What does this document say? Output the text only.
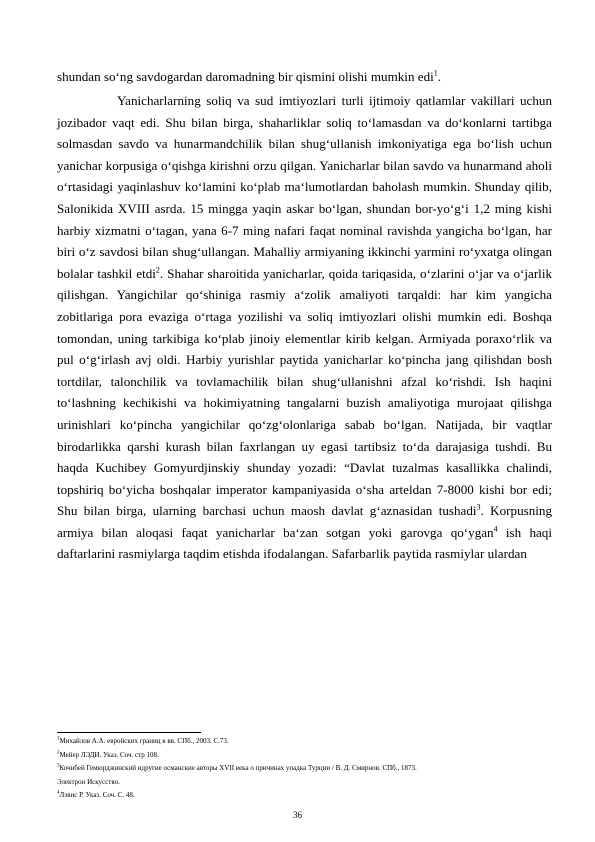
shundan soʻng savdogardan daromadning bir qismini olishi mumkin edi$^1$.
Yanicharlarning soliq va sud imtiyozlari turli ijtimoiy qatlamlar vakillari uchun jozibador vaqt edi. Shu bilan birga, shaharliklar soliq toʻlamasdan va doʻkonlarni tartibga solmasdan savdo va hunarmandchilik bilan shugʻullanish imkoniyatiga ega boʻlish uchun yanichar korpusiga oʻqishga kirishni orzu qilgan. Yanicharlar bilan savdo va hunarmand aholi oʻrtasidagi yaqinlashuv koʻlamini koʻplab maʻlumotlardan baholash mumkin. Shunday qilib, Salonikida XVIII asrda. 15 mingga yaqin askar boʻlgan, shundan bor-yoʻgʻi 1,2 ming kishi harbiy xizmatni oʻtagan, yana 6-7 ming nafari faqat nominal ravishda yangicha boʻlgan, har biri oʻz savdosi bilan shugʻullangan. Mahalliy armiyaning ikkinchi yarmini roʻyxatga olingan bolalar tashkil etdi$^2$. Shahar sharoitida yanicharlar, qoida tariqasida, oʻzlarini oʻjar va oʻjarlik qilishgan. Yangichilar qoʻshiniga rasmiy aʻzolik amaliyoti tarqaldi: har kim yangicha zobitlariga pora evaziga oʻrtaga yozilishi va soliq imtiyozlari olishi mumkin edi. Boshqa tomondan, uning tarkibiga koʻplab jinoiy elementlar kirib kelgan. Armiyada poraxoʻrlik va pul oʻgʻirlash avj oldi. Harbiy yurishlar paytida yanicharlar koʻpincha jang qilishdan bosh tortdilar, talonchilik va tovlamachilik bilan shugʻullanishni afzal koʻrishdi. Ish haqini toʻlashning kechikishi va hokimiyatning tangalarni buzish amaliyotiga murojaat qilishga urinishlari koʻpincha yangichilar qoʻzgʻolonlariga sabab boʻlgan. Natijada, bir vaqtlar birodarlikka qarshi kurash bilan faxrlangan uy egasi tartibsiz toʻda darajasiga tushdi. Bu haqda Kuchibey Gomyurdjinskiy shunday yozadi: “Davlat tuzalmas kasallikka chalindi, topshiriq boʻyicha boshqalar imperator kampaniyasida oʻsha arteldan 7-8000 kishi bor edi; Shu bilan birga, ularning barchasi uchun maosh davlat gʻaznasidan tushadi$^3$. Korpusning armiya bilan aloqasi faqat yanicharlar baʻzan sotgan yoki garovga qoʻygan$^4$ ish haqi daftarlarini rasmiylarga taqdim etishda ifodalangan. Safarbarlik paytida rasmiylar ulardan
$^1$Михайлов А.А. евройских границ в вв. СПб., 2003. С.73.
$^2$Мейер ЛЭДИ. Указ. Соч. стр 108.
$^3$Кочибей Гемюрджинский идругие османские авторы XVII века о причинах упадка Турции / В. Д. Смирнов. СПб., 1873.
Электрон Искусство.
$^4$Лэвис Р. Указ. Соч. С. 48.
36
